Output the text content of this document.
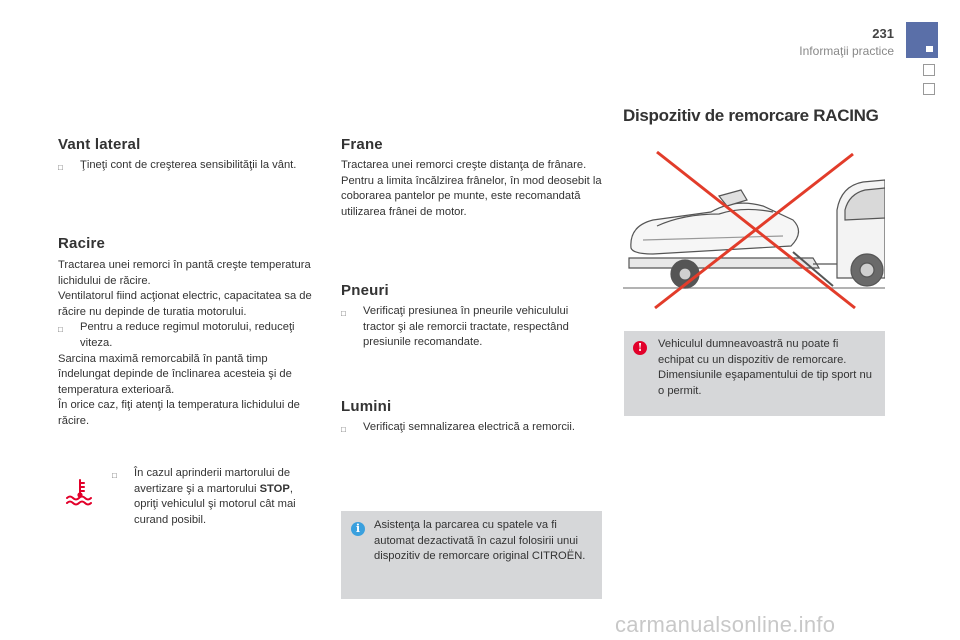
231
Informaţii practice
Vant lateral
□	Ţineţi cont de creşterea sensibilităţii la vânt.
Racire

Tractarea unei remorci în pantă creşte temperatura lichidului de răcire.

Ventilatorul fiind acţionat electric, capacitatea sa de răcire nu depinde de turatia motorului.

□	Pentru a reduce regimul motorului, reduceţi viteza.

Sarcina maximă remorcabilă în pantă timp îndelungat depinde de înclinarea acesteia şi de temperatura exterioară.

În orice caz, fiţi atenţi la temperatura lichidului de răcire.

□	În cazul aprinderii martorului de avertizare şi a martorului STOP, opriţi vehiculul şi motorul cât mai curand posibil.
Frane

Tractarea unei remorci creşte distanţa de frânare.

Pentru a limita încălzirea frânelor, în mod deosebit la coborarea pantelor pe munte, este recomandată utilizarea frânei de motor.

Pneuri
□	Verificaţi presiunea în pneurile vehiculului tractor şi ale remorcii tractate, respectând presiunile recomandate.
Lumini
□	Verificaţi semnalizarea electrică a remorcii.
i	Asistenţa la parcarea cu spatele va fi automat dezactivată în cazul folosirii unui dispozitiv de remorcare original CITROËN.
Dispozitiv de remorcare RACING
!	Vehiculul dumneavoastră nu poate fi echipat cu un dispozitiv de remorcare. Dimensiunile eşapamentului de tip sport nu o permit.
carmanualsonline.info
